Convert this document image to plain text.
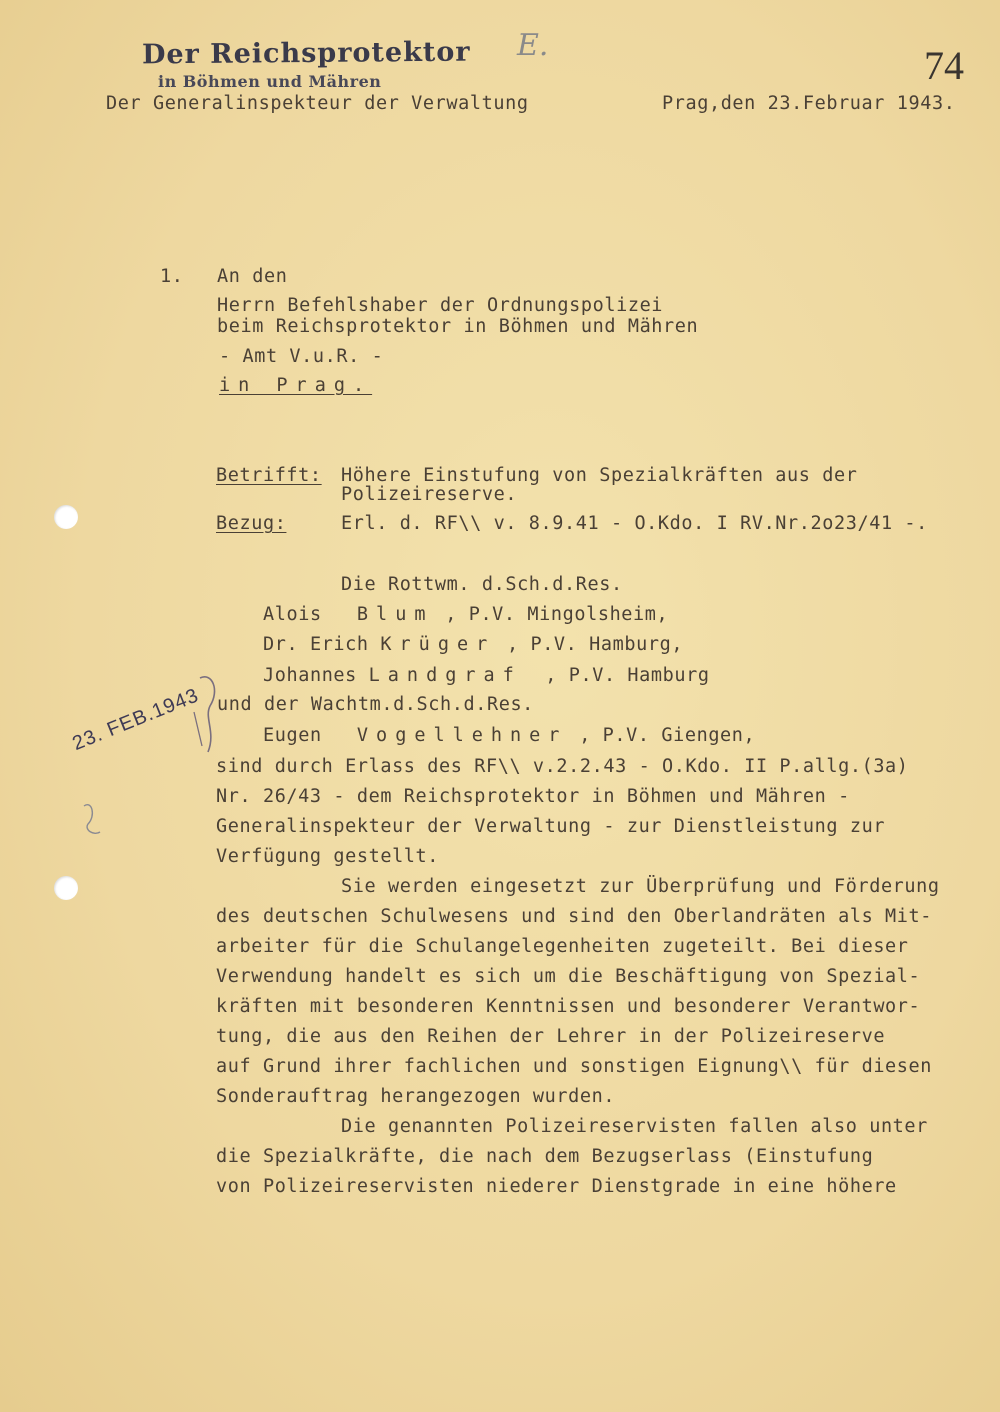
Der Reichsprotektor
in Böhmen und Mähren
E.	74
Der Generalinspekteur der Verwaltung	Prag,den 23.Februar 1943.
1. An den
Herrn Befehlshaber der Ordnungspolizei
beim Reichsprotektor in Böhmen und Mähren
- Amt V.u.R. -
in Prag.
Betrifft: Höhere Einstufung von Spezialkräften aus der
Polizeireserve.
Bezug:	Erl. d. RF\\ v. 8.9.41 - O.Kdo. I RV.Nr.2o23/41 -.
Die Rottwm. d.Sch.d.Res.
Alois Blum , P.V. Mingolsheim,
Dr. Erich Krüger , P.V. Hamburg,
Johannes Landgraf , P.V. Hamburg
und der Wachtm.d.Sch.d.Res.
Eugen Vogellehner , P.V. Giengen,
23. FEB.1943
sind durch Erlass des RF\\ v.2.2.43 - O.Kdo. II P.allg.(3a)
Nr. 26/43 - dem Reichsprotektor in Böhmen und Mähren -
Generalinspekteur der Verwaltung - zur Dienstleistung zur
Verfügung gestellt.
Sie werden eingesetzt zur Überprüfung und Förderung
des deutschen Schulwesens und sind den Oberlandräten als Mit-
arbeiter für die Schulangelegenheiten zugeteilt. Bei dieser
Verwendung handelt es sich um die Beschäftigung von Spezial-
kräften mit besonderen Kenntnissen und besonderer Verantwor-
tung, die aus den Reihen der Lehrer in der Polizeireserve
auf Grund ihrer fachlichen und sonstigen Eignung\\ für diesen
Sonderauftrag herangezogen wurden.
Die genannten Polizeireservisten fallen also unter
die Spezialkräfte, die nach dem Bezugserlass (Einstufung
von Polizeireservisten niederer Dienstgrade in eine höhere
